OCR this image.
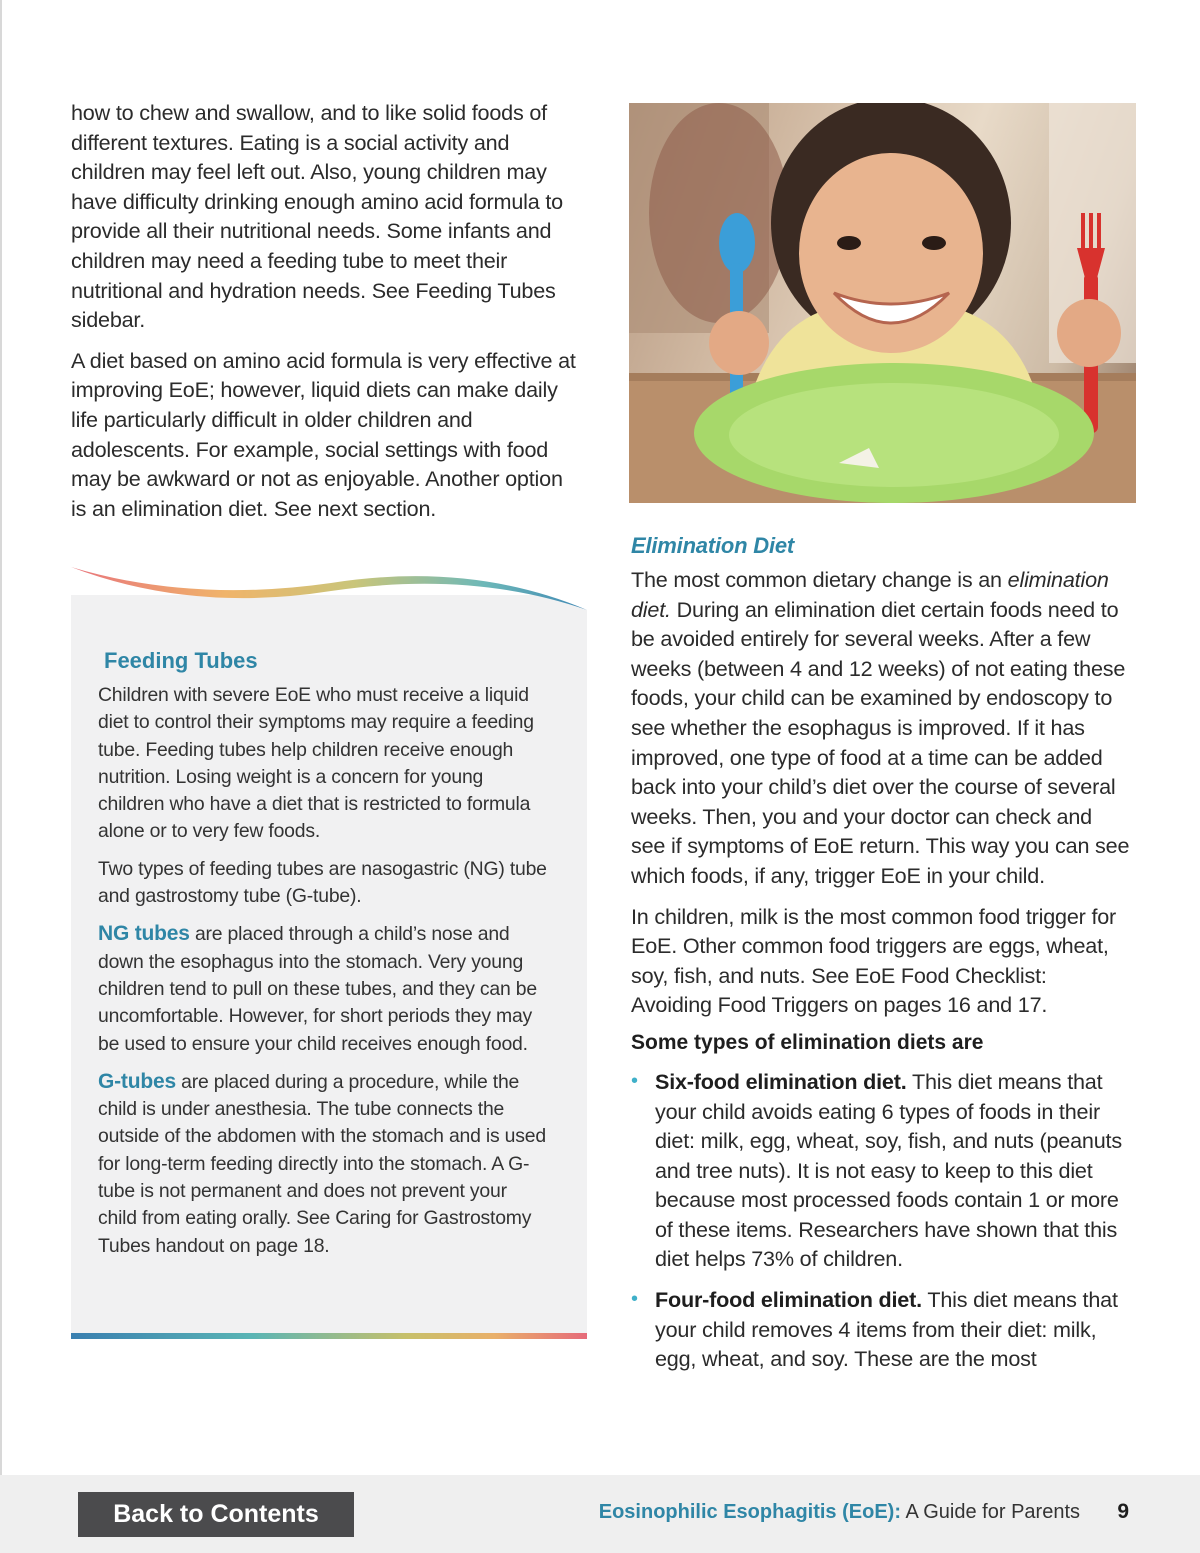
how to chew and swallow, and to like solid foods of different textures. Eating is a social activity and children may feel left out. Also, young children may have difficulty drinking enough amino acid formula to provide all their nutritional needs. Some infants and children may need a feeding tube to meet their nutritional and hydration needs. See Feeding Tubes sidebar.

A diet based on amino acid formula is very effective at improving EoE; however, liquid diets can make daily life particularly difficult in older children and adolescents. For example, social settings with food may be awkward or not as enjoyable. Another option is an elimination diet. See next section.

Elimination Diet

The most common dietary change is an elimination diet. During an elimination diet certain foods need to be avoided entirely for several weeks. After a few weeks (between 4 and 12 weeks) of not eating these foods, your child can be examined by endoscopy to see whether the esophagus is improved. If it has improved, one type of food at a time can be added back into your child’s diet over the course of several weeks. Then, you and your doctor can check and see if symptoms of EoE return. This way you can see which foods, if any, trigger EoE in your child.

In children, milk is the most common food trigger for EoE. Other common food triggers are eggs, wheat, soy, fish, and nuts. See EoE Food Checklist: Avoiding Food Triggers on pages 16 and 17.

Some types of elimination diets are

• Six-food elimination diet. This diet means that your child avoids eating 6 types of foods in their diet: milk, egg, wheat, soy, fish, and nuts (peanuts and tree nuts). It is not easy to keep to this diet because most processed foods contain 1 or more of these items. Researchers have shown that this diet helps 73% of children.
• Four-food elimination diet. This diet means that your child removes 4 items from their diet: milk, egg, wheat, and soy. These are the most
Feeding Tubes

Children with severe EoE who must receive a liquid diet to control their symptoms may require a feeding tube. Feeding tubes help children receive enough nutrition. Losing weight is a concern for young children who have a diet that is restricted to formula alone or to very few foods.

Two types of feeding tubes are nasogastric (NG) tube and gastrostomy tube (G-tube).

NG tubes are placed through a child’s nose and down the esophagus into the stomach. Very young children tend to pull on these tubes, and they can be uncomfortable. However, for short periods they may be used to ensure your child receives enough food.

G-tubes are placed during a procedure, while the child is under anesthesia. The tube connects the outside of the abdomen with the stomach and is used for long-term feeding directly into the stomach. A G-tube is not permanent and does not prevent your child from eating orally. See Caring for Gastrostomy Tubes handout on page 18.

Back to Contents	Eosinophilic Esophagitis (EoE): A Guide for Parents 9
